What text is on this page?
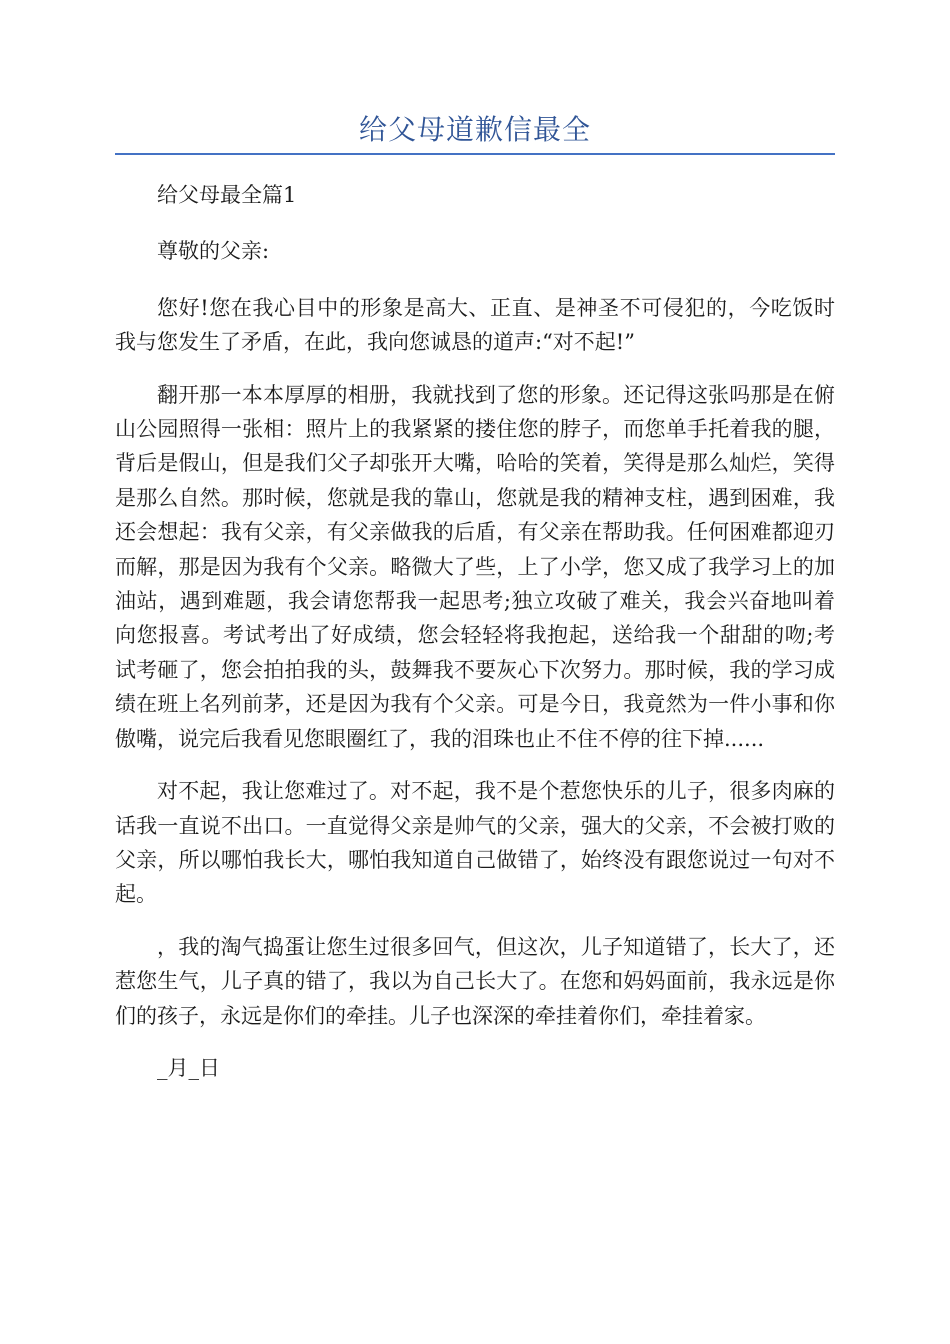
给父母道歉信最全

给父母最全篇1

尊敬的父亲:

您好!您在我心目中的形象是高大、正直、是神圣不可侵犯的，今吃饭时我与您发生了矛盾，在此，我向您诚恳的道声:“对不起!”

翻开那一本本厚厚的相册，我就找到了您的形象。还记得这张吗那是在俯山公园照得一张相：照片上的我紧紧的搂住您的脖子，而您单手托着我的腿，背后是假山，但是我们父子却张开大嘴，哈哈的笑着，笑得是那么灿烂，笑得是那么自然。那时候，您就是我的靠山，您就是我的精神支柱，遇到困难，我还会想起：我有父亲，有父亲做我的后盾，有父亲在帮助我。任何困难都迎刃而解，那是因为我有个父亲。略微大了些，上了小学，您又成了我学习上的加油站，遇到难题，我会请您帮我一起思考;独立攻破了难关，我会兴奋地叫着向您报喜。考试考出了好成绩，您会轻轻将我抱起，送给我一个甜甜的吻;考试考砸了，您会拍拍我的头，鼓舞我不要灰心下次努力。那时候，我的学习成绩在班上名列前茅，还是因为我有个父亲。可是今日，我竟然为一件小事和你傲嘴，说完后我看见您眼圈红了，我的泪珠也止不住不停的往下掉......

对不起，我让您难过了。对不起，我不是个惹您快乐的儿子，很多肉麻的话我一直说不出口。一直觉得父亲是帅气的父亲，强大的父亲，不会被打败的父亲，所以哪怕我长大，哪怕我知道自己做错了，始终没有跟您说过一句对不起。

，我的淘气捣蛋让您生过很多回气，但这次，儿子知道错了，长大了，还惹您生气，儿子真的错了，我以为自己长大了。在您和妈妈面前，我永远是你们的孩子，永远是你们的牵挂。儿子也深深的牵挂着你们，牵挂着家。

_月_日
